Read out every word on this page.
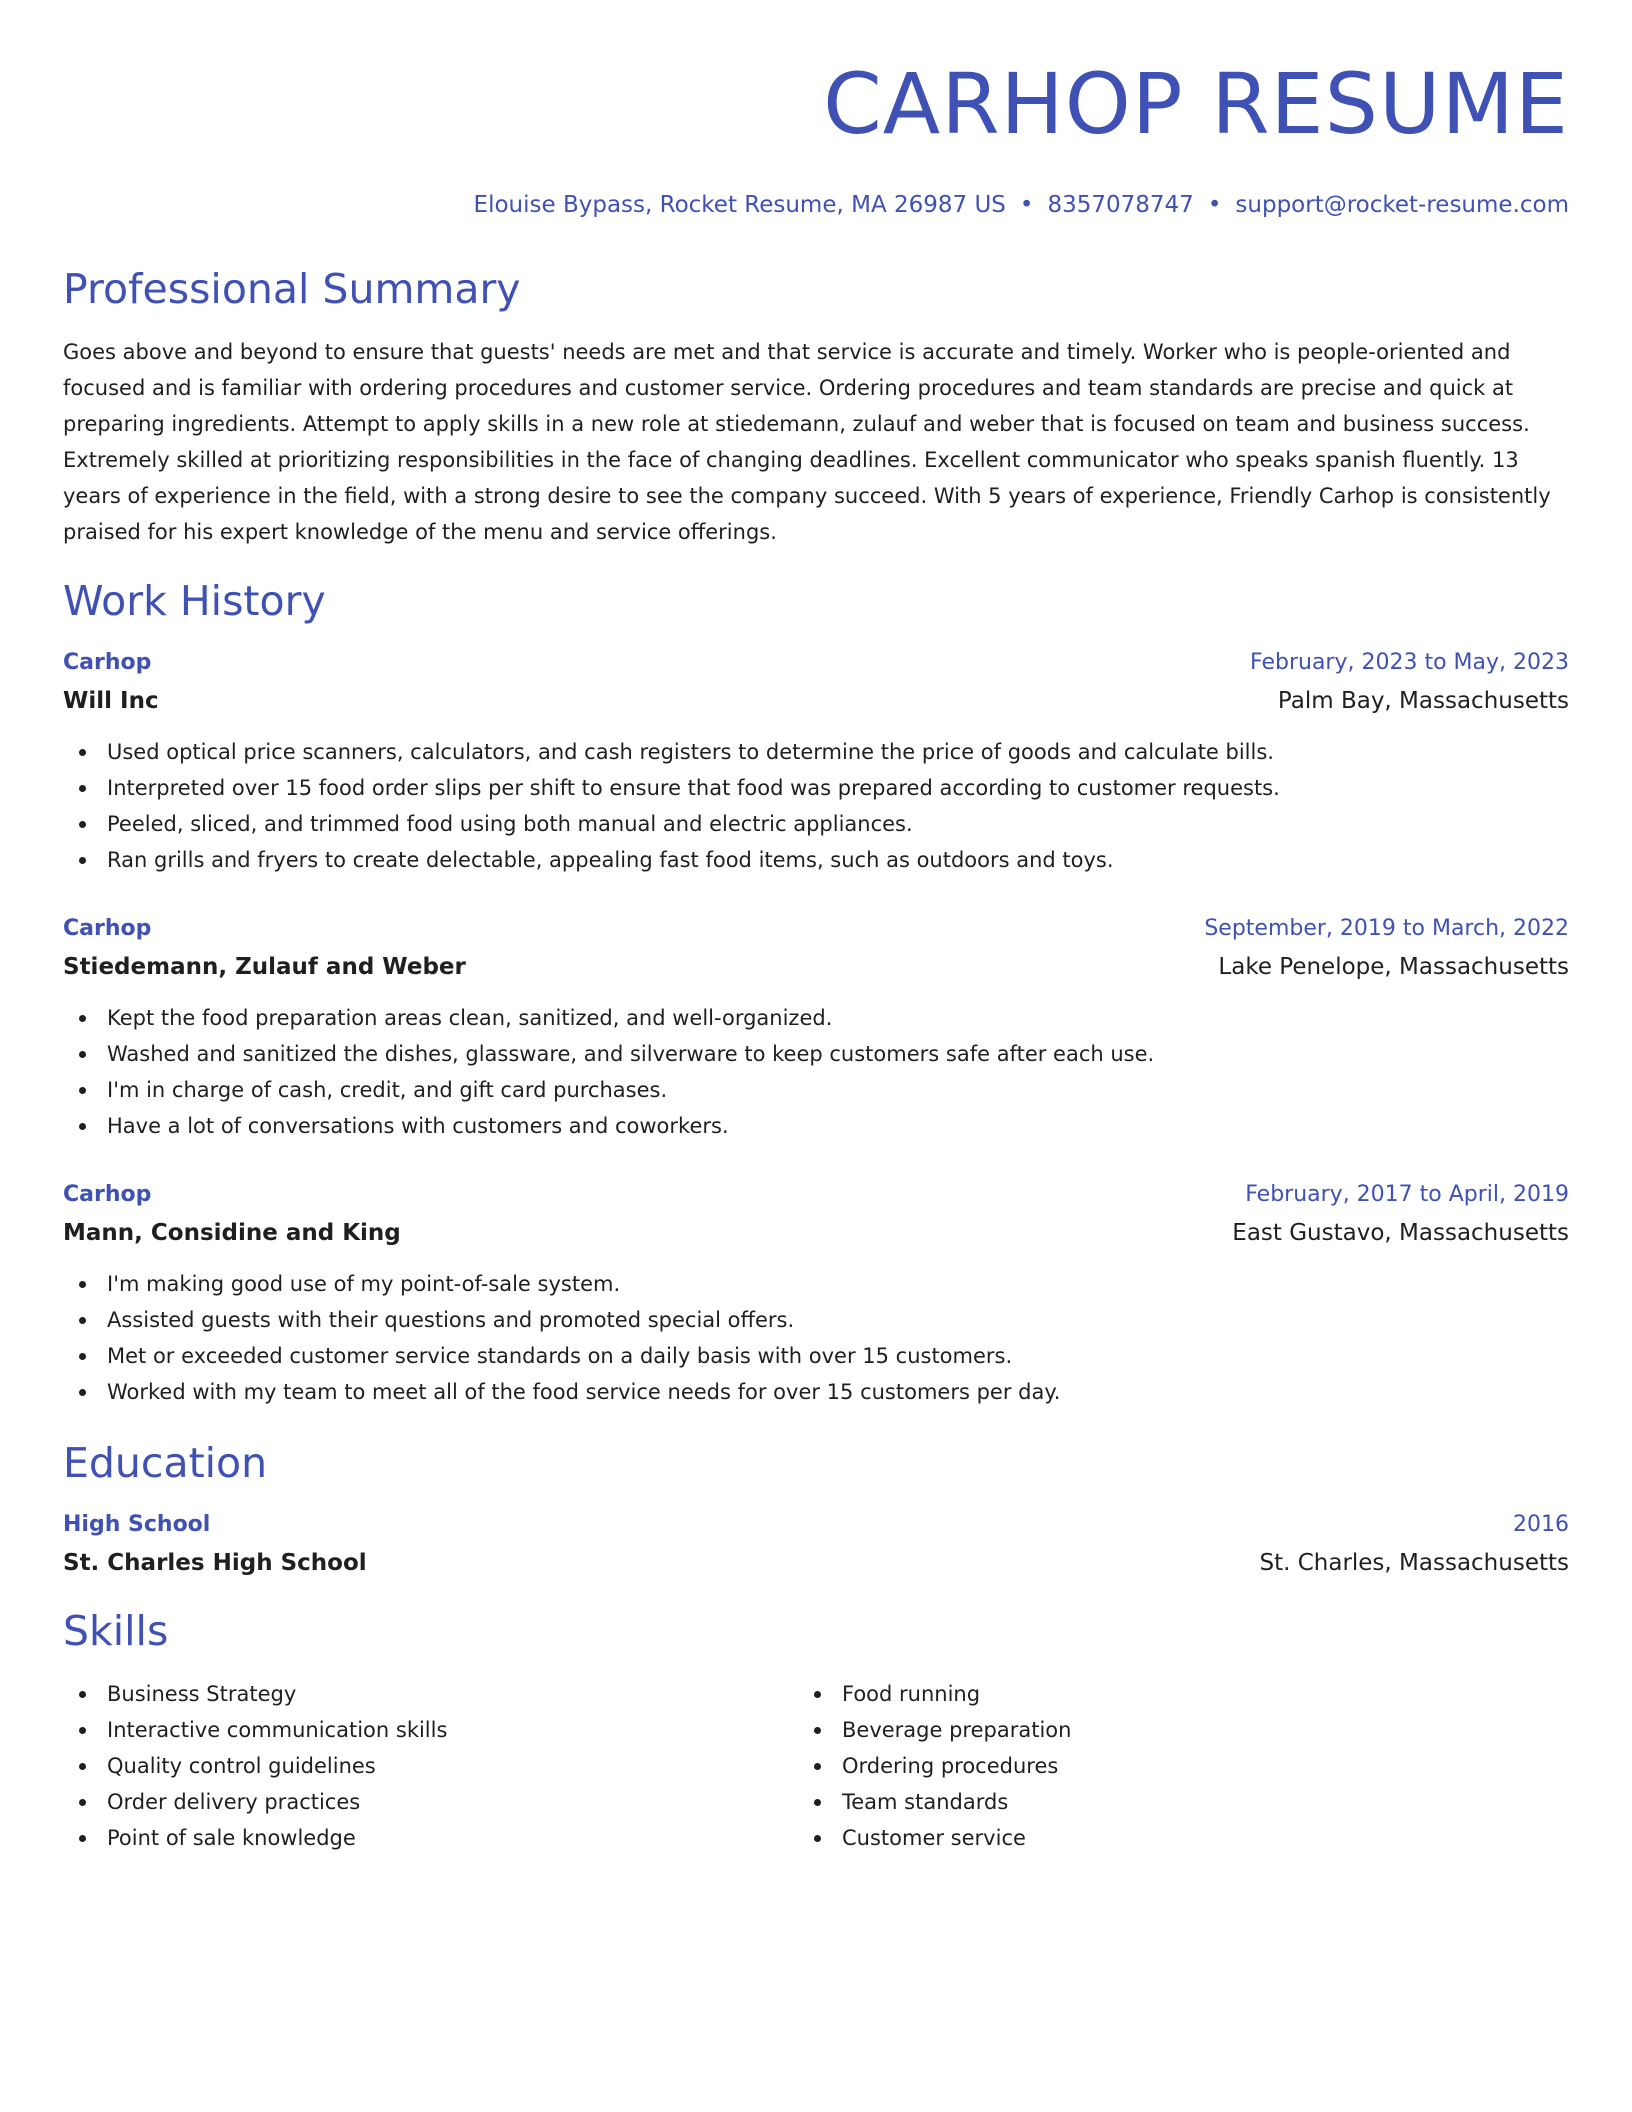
CARHOP RESUME
Elouise Bypass, Rocket Resume, MA 26987 US • 8357078747 • support@rocket-resume.com
Professional Summary
Goes above and beyond to ensure that guests' needs are met and that service is accurate and timely. Worker who is people-oriented and focused and is familiar with ordering procedures and customer service. Ordering procedures and team standards are precise and quick at preparing ingredients. Attempt to apply skills in a new role at stiedemann, zulauf and weber that is focused on team and business success. Extremely skilled at prioritizing responsibilities in the face of changing deadlines. Excellent communicator who speaks spanish fluently. 13 years of experience in the field, with a strong desire to see the company succeed. With 5 years of experience, Friendly Carhop is consistently praised for his expert knowledge of the menu and service offerings.
Work History
Carhop	February, 2023 to May, 2023
Will Inc	Palm Bay, Massachusetts
Used optical price scanners, calculators, and cash registers to determine the price of goods and calculate bills.
Interpreted over 15 food order slips per shift to ensure that food was prepared according to customer requests.
Peeled, sliced, and trimmed food using both manual and electric appliances.
Ran grills and fryers to create delectable, appealing fast food items, such as outdoors and toys.
Carhop	September, 2019 to March, 2022
Stiedemann, Zulauf and Weber	Lake Penelope, Massachusetts
Kept the food preparation areas clean, sanitized, and well-organized.
Washed and sanitized the dishes, glassware, and silverware to keep customers safe after each use.
I'm in charge of cash, credit, and gift card purchases.
Have a lot of conversations with customers and coworkers.
Carhop	February, 2017 to April, 2019
Mann, Considine and King	East Gustavo, Massachusetts
I'm making good use of my point-of-sale system.
Assisted guests with their questions and promoted special offers.
Met or exceeded customer service standards on a daily basis with over 15 customers.
Worked with my team to meet all of the food service needs for over 15 customers per day.
Education
High School	2016
St. Charles High School	St. Charles, Massachusetts
Skills
Business Strategy
Interactive communication skills
Quality control guidelines
Order delivery practices
Point of sale knowledge
Food running
Beverage preparation
Ordering procedures
Team standards
Customer service
